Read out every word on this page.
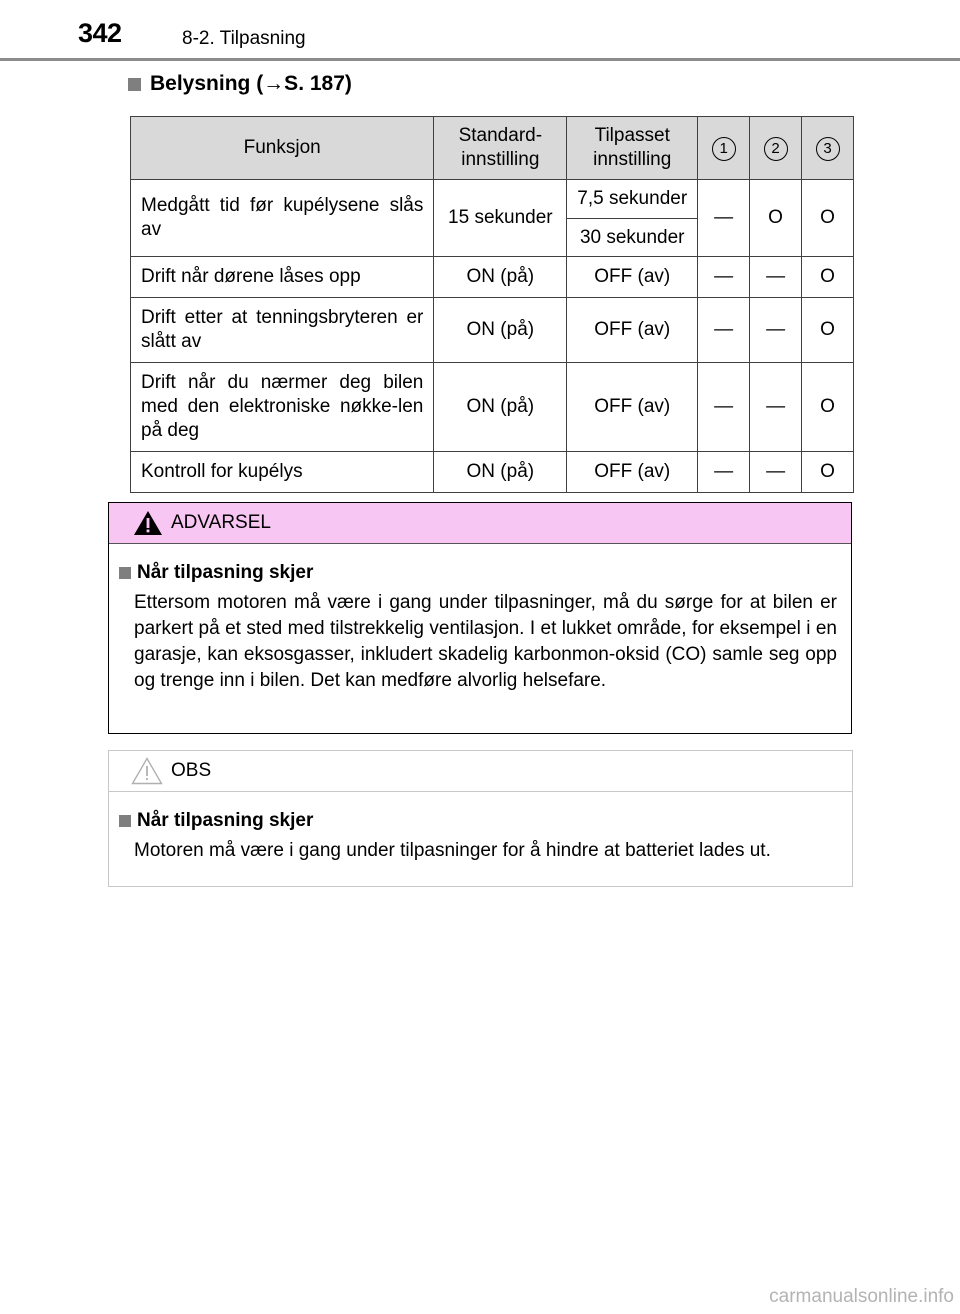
342	8-2. Tilpasning
Belysning (→S. 187)
Funksjon	Standard-innstilling	Tilpasset innstilling	1	2	3
Medgått tid før kupélysene slås av	15 sekunder	7,5 sekunder	—	O	O
		30 sekunder			
Drift når dørene låses opp	ON (på)	OFF (av)	—	—	O
Drift etter at tenningsbryteren er slått av	ON (på)	OFF (av)	—	—	O
Drift når du nærmer deg bilen med den elektroniske nøkke-len på deg	ON (på)	OFF (av)	—	—	O
Kontroll for kupélys	ON (på)	OFF (av)	—	—	O
ADVARSEL
Når tilpasning skjer
Ettersom motoren må være i gang under tilpasninger, må du sørge for at bilen er parkert på et sted med tilstrekkelig ventilasjon. I et lukket område, for eksempel i en garasje, kan eksosgasser, inkludert skadelig karbonmon-oksid (CO) samle seg opp og trenge inn i bilen. Det kan medføre alvorlig helsefare.
OBS
Når tilpasning skjer
Motoren må være i gang under tilpasninger for å hindre at batteriet lades ut.
carmanualsonline.info
